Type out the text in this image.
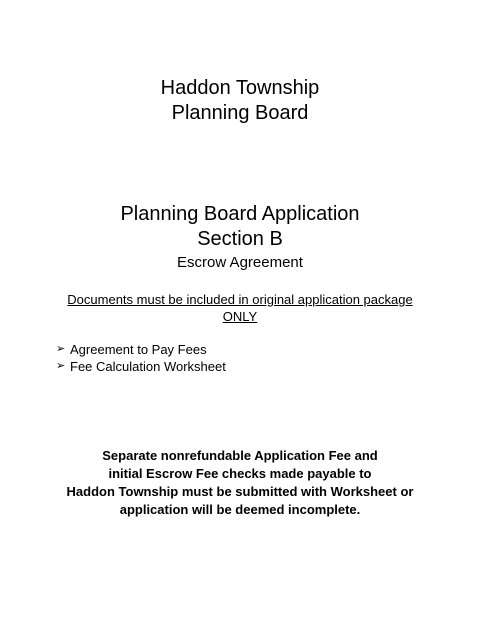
Haddon Township
Planning Board
Planning Board Application
Section B
Escrow Agreement
Documents must be included in original application package
ONLY
➢ Agreement to Pay Fees
➢ Fee Calculation Worksheet
Separate nonrefundable Application Fee and
initial Escrow Fee checks made payable to
Haddon Township must be submitted with Worksheet or
application will be deemed incomplete.
